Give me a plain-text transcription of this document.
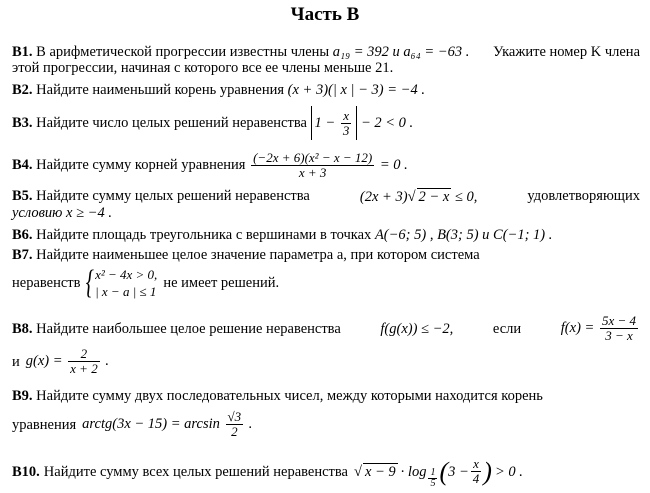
Часть В
B1. В арифметической прогрессии известны члены a₁₉ = 392 и a₆₄ = −63 . Укажите номер K члена
этой прогрессии, начиная с которого все ее члены меньше 21.
B2. Найдите наименьший корень уравнения (x + 3)(| x | − 3) = −4 .
B3. Найдите число целых решений неравенства $1 - \frac{x}{3} - 2 < 0$ .
B4. Найдите сумму корней уравнения $\frac{\text{(−2x + 6)(x² − x − 12)}}{x + 3} = 0$ .
B5. Найдите сумму целых решений неравенства	(2x + 3)√ 2 − x ≤ 0,	удовлетворяющих
условию x ≥ −4 .
B6. Найдите площадь треугольника с вершинами в точках A(−6; 5) , B(3; 5) и C(−1; 1) .
B7. Найдите наименьшее целое значение параметра a, при котором система
неравенств { x² − 4x > 0,
| x − a | ≤ 1
не имеет решений.
B8. Найдите наибольшее целое решение неравенства	f(g(x)) ≤ −2,	если	$f(x) = \frac{5x - 4}{3 - x}$
и $g(x) = \frac{2}{x + 2}$ .
B9. Найдите сумму двух последовательных чисел, между которыми находится корень
уравнения arctg(3x − $15) = \arcsin \frac{√3}{2}$ .
B10. Найдите сумму всех целых решений неравенства √ $x - 9 \cdot \log \frac{1}{5}$ ( $3 - \frac{x}{4}$ ) > 0 .
